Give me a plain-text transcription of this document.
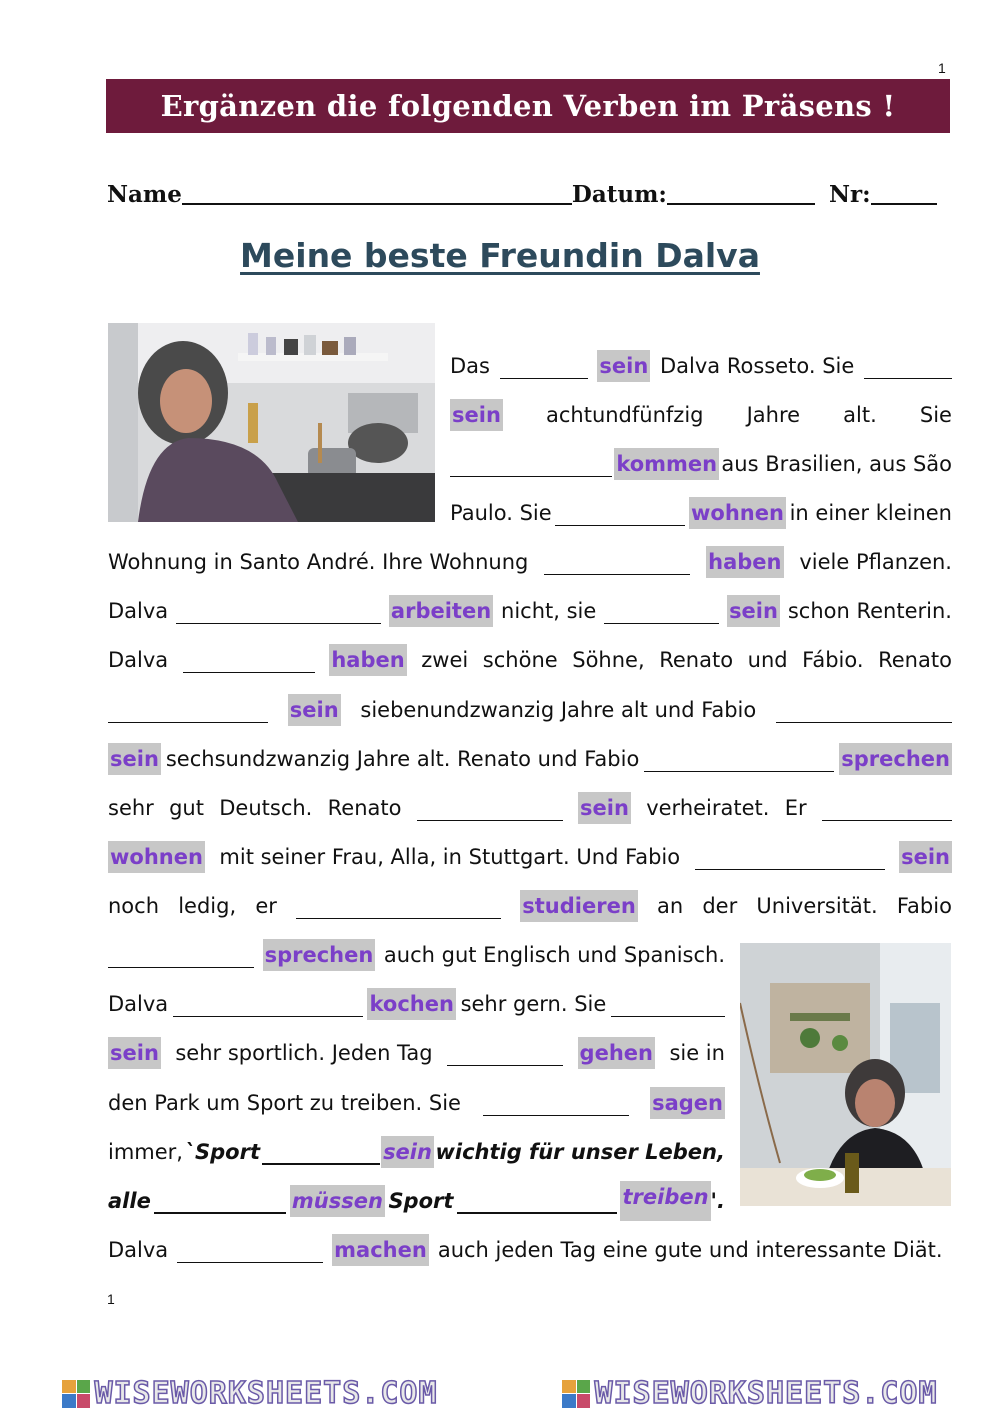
1
Ergänzen die folgenden Verben im Präsens !
Name	Datum:	Nr:
Meine beste Freundin Dalva
Das	sein Dalva Rosseto. Sie
sein achtundfünfzig Jahre alt. Sie
kommen aus Brasilien, aus São
Paulo. Sie	wohnen in einer kleinen
Wohnung in Santo André. Ihre Wohnung	haben viele Pflanzen.
Dalva	arbeiten nicht, sie	sein schon Renterin.
Dalva	haben zwei schöne Söhne, Renato und Fábio. Renato
sein siebenundzwanzig Jahre alt und Fabio
sein sechsundzwanzig Jahre alt. Renato und Fabio	sprechen
sehr gut Deutsch. Renato	sein verheiratet. Er
wohnen mit seiner Frau, Alla, in Stuttgart. Und Fabio	sein
noch ledig, er	studieren an der Universität. Fabio
sprechen auch gut Englisch und Spanisch.
Dalva	kochen sehr gern. Sie
sein sehr sportlich. Jeden Tag	gehen sie in
den Park um Sport zu treiben. Sie	sagen
immer, `Sport	sein wichtig für unser Leben,
alle	müssen Sport	treiben '.
Dalva	machen auch jeden Tag eine gute und interessante Diät.
1
WISEWORKSHEETS.COM	WISEWORKSHEETS.COM
